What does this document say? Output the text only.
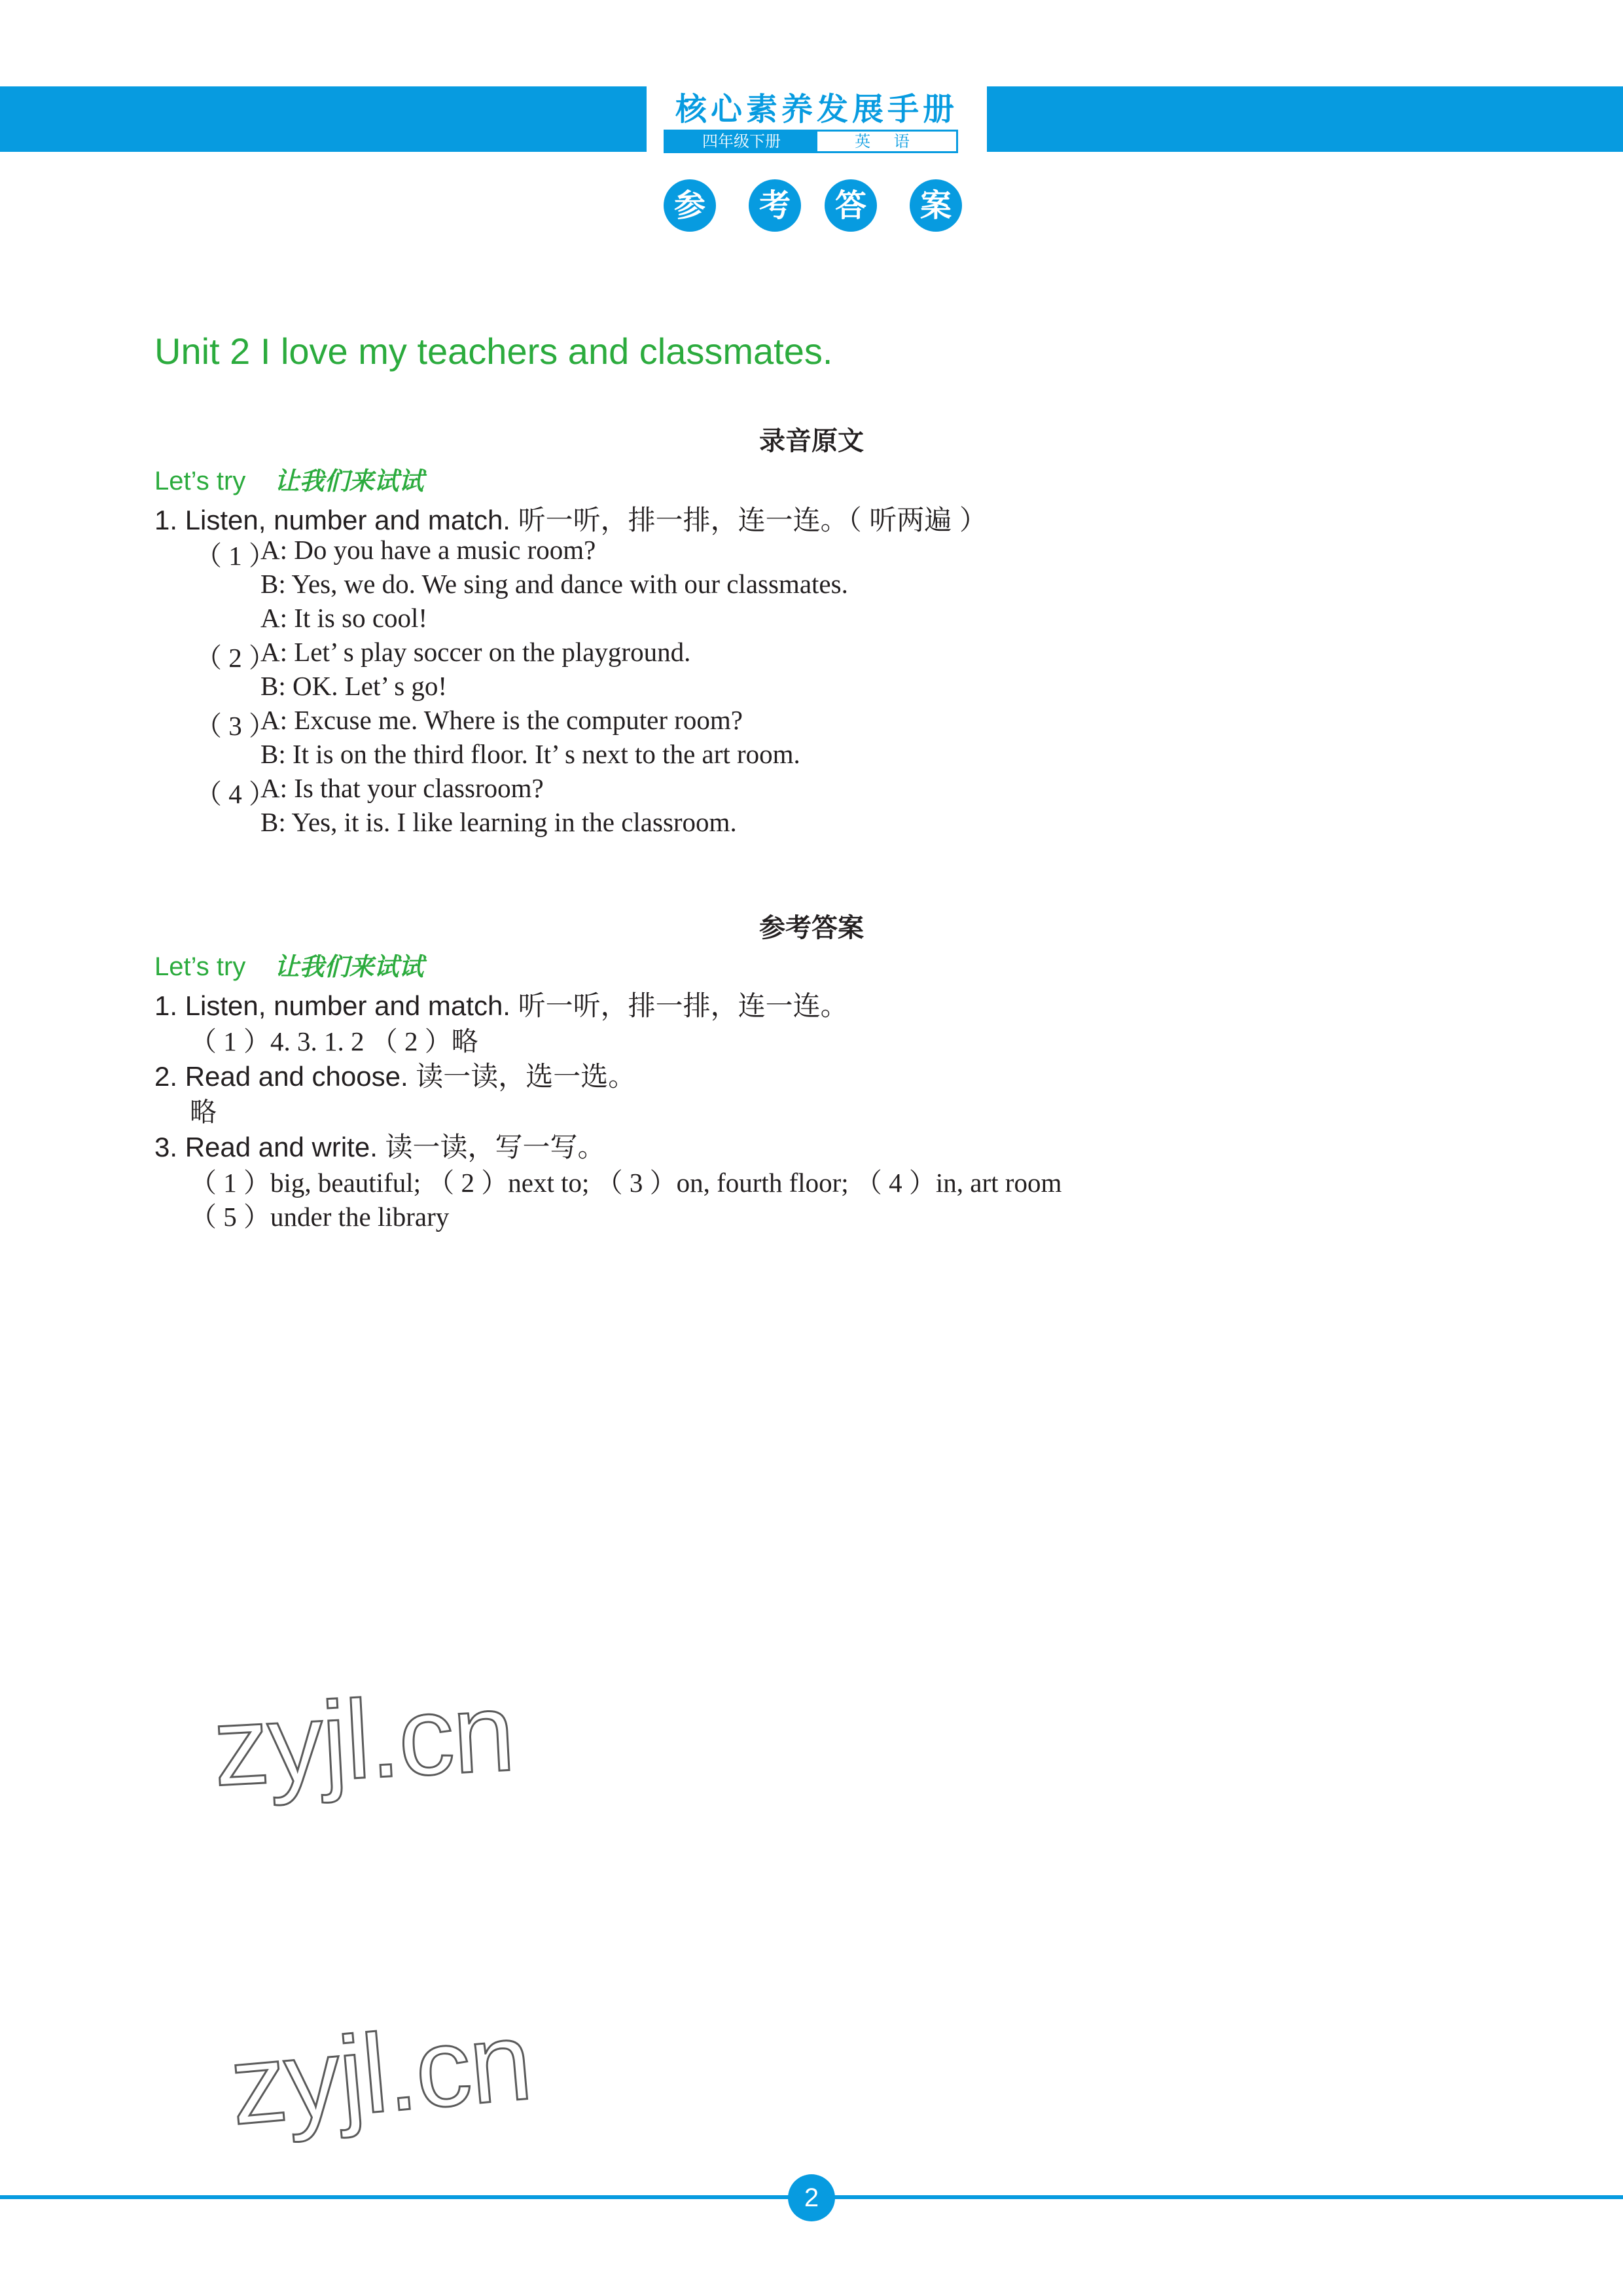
核心素养发展手册
四年级下册	英 语
参	考	答	案
Unit 2 I love my teachers and classmates.
录音原文
Let’s try 让我们来试试
1. Listen, number and match. 听一听，排一排，连一连。（ 听两遍 ）
（ 1 ）
A: Do you have a music room?
B: Yes, we do. We sing and dance with our classmates.
A: It is so cool!
（ 2 ）
A: Let’ s play soccer on the playground.
B: OK. Let’ s go!
（ 3 ）
A: Excuse me. Where is the computer room?
B: It is on the third floor. It’ s next to the art room.
（ 4 ）
A: Is that your classroom?
B: Yes, it is. I like learning in the classroom.
参考答案
Let’s try 让我们来试试
1. Listen, number and match. 听一听，排一排，连一连。
（ 1 ）4. 3. 1. 2 （ 2 ）略
2. Read and choose. 读一读，选一选。
略
3. Read and write. 读一读，写一写。
（ 1 ）big, beautiful; （ 2 ）next to; （ 3 ）on, fourth floor; （ 4 ）in, art room
（ 5 ）under the library
zyjl.cn
zyjl.cn
2
